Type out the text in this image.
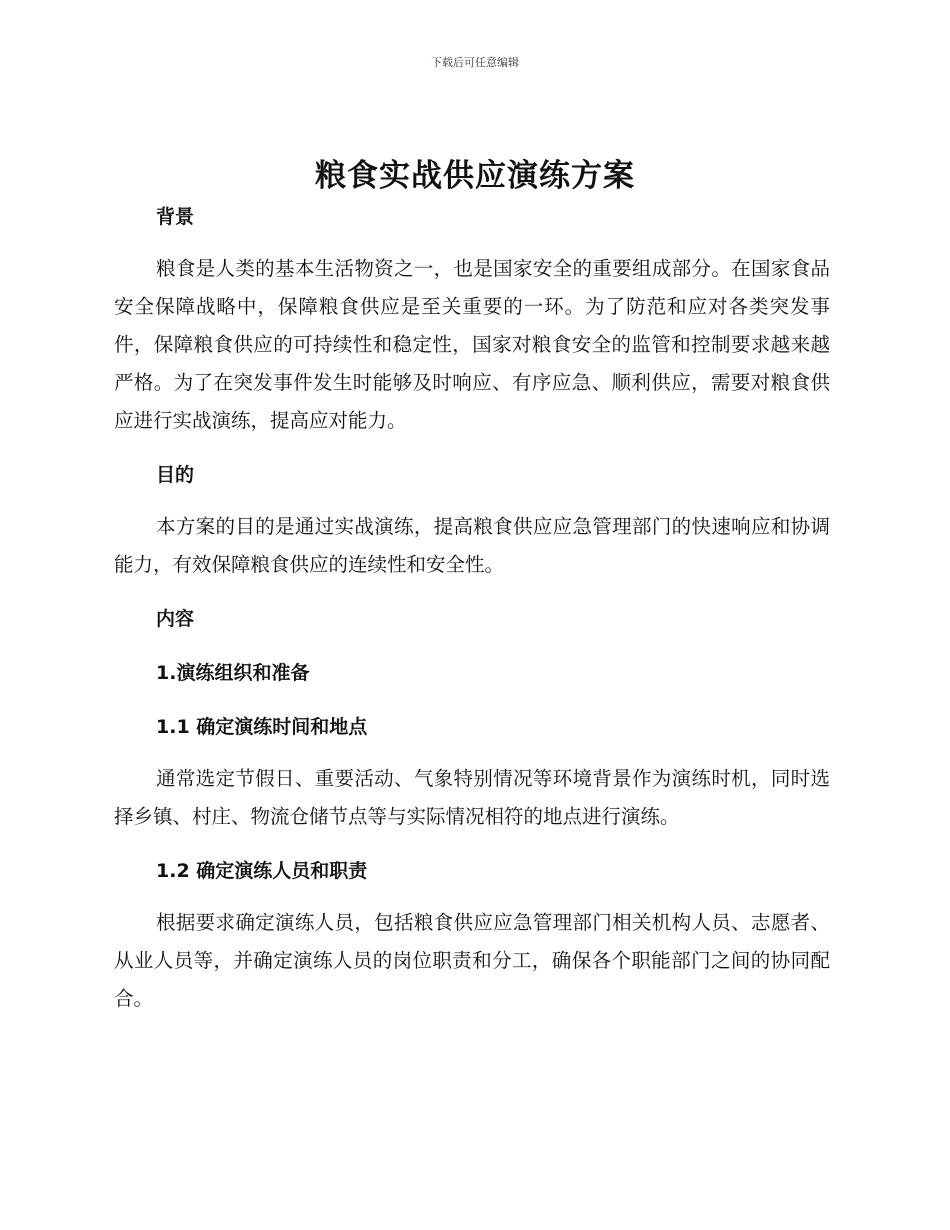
下载后可任意编辑
粮食实战供应演练方案

背景

粮食是人类的基本生活物资之一，也是国家安全的重要组成部分。在国家食品安全保障战略中，保障粮食供应是至关重要的一环。为了防范和应对各类突发事件，保障粮食供应的可持续性和稳定性，国家对粮食安全的监管和控制要求越来越严格。为了在突发事件发生时能够及时响应、有序应急、顺利供应，需要对粮食供应进行实战演练，提高应对能力。

目的

本方案的目的是通过实战演练，提高粮食供应应急管理部门的快速响应和协调能力，有效保障粮食供应的连续性和安全性。

内容

1.演练组织和准备

1.1 确定演练时间和地点

通常选定节假日、重要活动、气象特别情况等环境背景作为演练时机，同时选择乡镇、村庄、物流仓储节点等与实际情况相符的地点进行演练。

1.2 确定演练人员和职责

根据要求确定演练人员，包括粮食供应应急管理部门相关机构人员、志愿者、从业人员等，并确定演练人员的岗位职责和分工，确保各个职能部门之间的协同配合。
